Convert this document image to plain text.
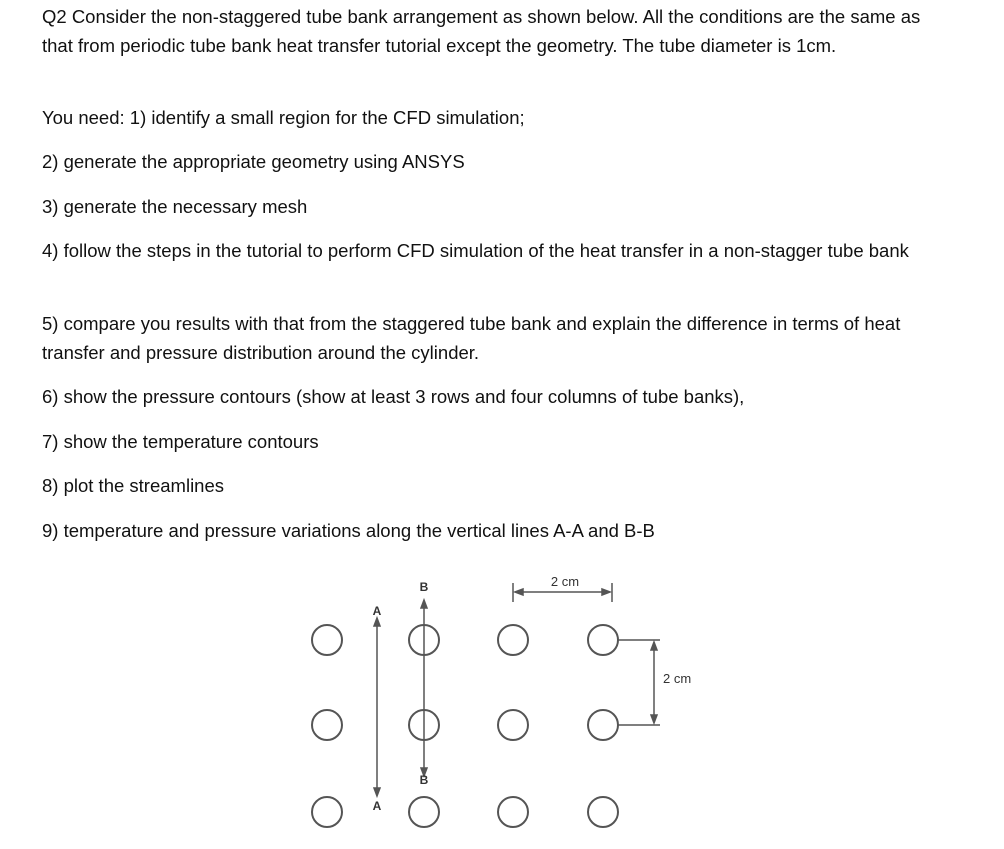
Q2 Consider the non-staggered tube bank arrangement as shown below. All the conditions are the same as that from periodic tube bank heat transfer tutorial except the geometry. The tube diameter is 1cm.

You need: 1) identify a small region for the CFD simulation;

2) generate the appropriate geometry using ANSYS

3) generate the necessary mesh

4) follow the steps in the tutorial to perform CFD simulation of the heat transfer in a non-stagger tube bank

5) compare you results with that from the staggered tube bank and explain the difference in terms of heat transfer and pressure distribution around the cylinder.

6) show the pressure contours (show at least 3 rows and four columns of tube banks),

7) show the temperature contours

8) plot the streamlines

9) temperature and pressure variations along the vertical lines A-A and B-B

A
A
B
B
2 cm
2 cm
